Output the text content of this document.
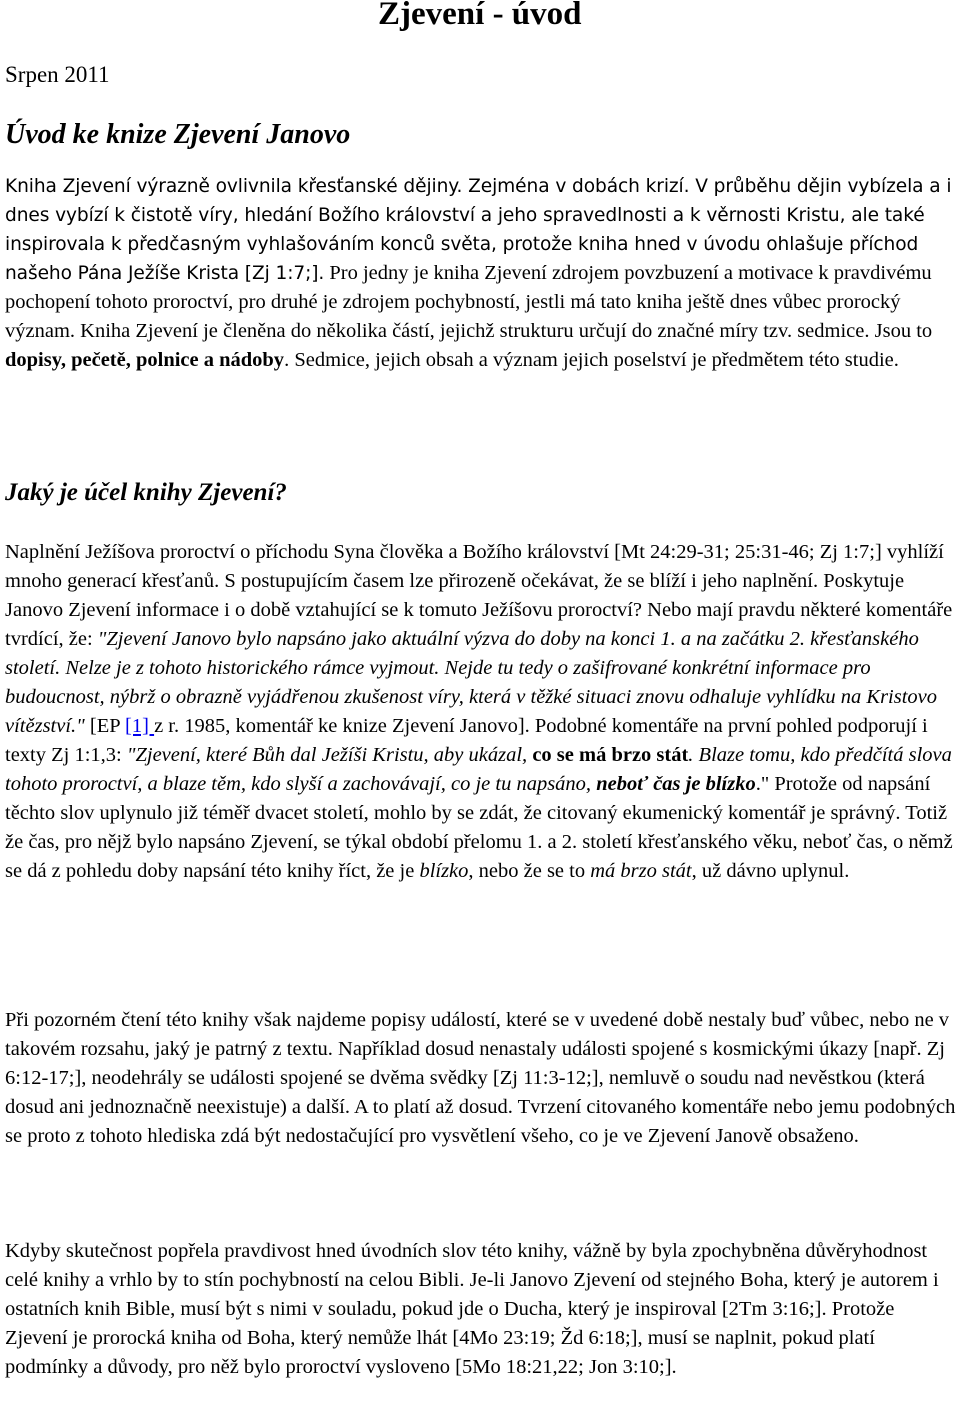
Zjevení - úvod

Srpen 2011

Úvod ke knize Zjevení Janovo

Kniha Zjevení výrazně ovlivnila křesťanské dějiny. Zejména v dobách krizí. V průběhu dějin vybízela a i dnes vybízí k čistotě víry, hledání Božího království a jeho spravedlnosti a k věrnosti Kristu, ale také inspirovala k předčasným vyhlašováním konců světa, protože kniha hned v úvodu ohlašuje příchod našeho Pána Ježíše Krista [Zj 1:7;]. Pro jedny je kniha Zjevení zdrojem povzbuzení a motivace k pravdivému pochopení tohoto proroctví, pro druhé je zdrojem pochybností, jestli má tato kniha ještě dnes vůbec prorocký význam. Kniha Zjevení je členěna do několika částí, jejichž strukturu určují do značné míry tzv. sedmice. Jsou to dopisy, pečetě, polnice a nádoby. Sedmice, jejich obsah a význam jejich poselství je předmětem této studie.

Jaký je účel knihy Zjevení?

Naplnění Ježíšova proroctví o příchodu Syna člověka a Božího království [Mt 24:29-31; 25:31-46; Zj 1:7;] vyhlíží mnoho generací křesťanů. S postupujícím časem lze přirozeně očekávat, že se blíží i jeho naplnění. Poskytuje Janovo Zjevení informace i o době vztahující se k tomuto Ježíšovu proroctví? Nebo mají pravdu některé komentáře tvrdící, že: "Zjevení Janovo bylo napsáno jako aktuální výzva do doby na konci 1. a na začátku 2. křesťanského století. Nelze je z tohoto historického rámce vyjmout. Nejde tu tedy o zašifrované konkrétní informace pro budoucnost, nýbrž o obrazně vyjádřenou zkušenost víry, která v těžké situaci znovu odhaluje vyhlídku na Kristovo vítězství." [EP [1] z r. 1985, komentář ke knize Zjevení Janovo]. Podobné komentáře na první pohled podporují i texty Zj 1:1,3: "Zjevení, které Bůh dal Ježíši Kristu, aby ukázal, co se má brzo stát. Blaze tomu, kdo předčítá slova tohoto proroctví, a blaze těm, kdo slyší a zachovávají, co je tu napsáno, neboť čas je blízko." Protože od napsání těchto slov uplynulo již téměř dvacet století, mohlo by se zdát, že citovaný ekumenický komentář je správný. Totiž že čas, pro nějž bylo napsáno Zjevení, se týkal období přelomu 1. a 2. století křesťanského věku, neboť čas, o němž se dá z pohledu doby napsání této knihy říct, že je blízko, nebo že se to má brzo stát, už dávno uplynul.

Při pozorném čtení této knihy však najdeme popisy událostí, které se v uvedené době nestaly buď vůbec, nebo ne v takovém rozsahu, jaký je patrný z textu. Například dosud nenastaly události spojené s kosmickými úkazy [např. Zj 6:12-17;], neodehrály se události spojené se dvěma svědky [Zj 11:3-12;], nemluvě o soudu nad nevěstkou (která dosud ani jednoznačně neexistuje) a další. A to platí až dosud. Tvrzení citovaného komentáře nebo jemu podobných se proto z tohoto hlediska zdá být nedostačující pro vysvětlení všeho, co je ve Zjevení Janově obsaženo.

Kdyby skutečnost popřela pravdivost hned úvodních slov této knihy, vážně by byla zpochybněna důvěryhodnost celé knihy a vrhlo by to stín pochybností na celou Bibli. Je-li Janovo Zjevení od stejného Boha, který je autorem i ostatních knih Bible, musí být s nimi v souladu, pokud jde o Ducha, který je inspiroval [2Tm 3:16;]. Protože Zjevení je prorocká kniha od Boha, který nemůže lhát [4Mo 23:19; Žd 6:18;], musí se naplnit, pokud platí podmínky a důvody, pro něž bylo proroctví vysloveno [5Mo 18:21,22; Jon 3:10;].
